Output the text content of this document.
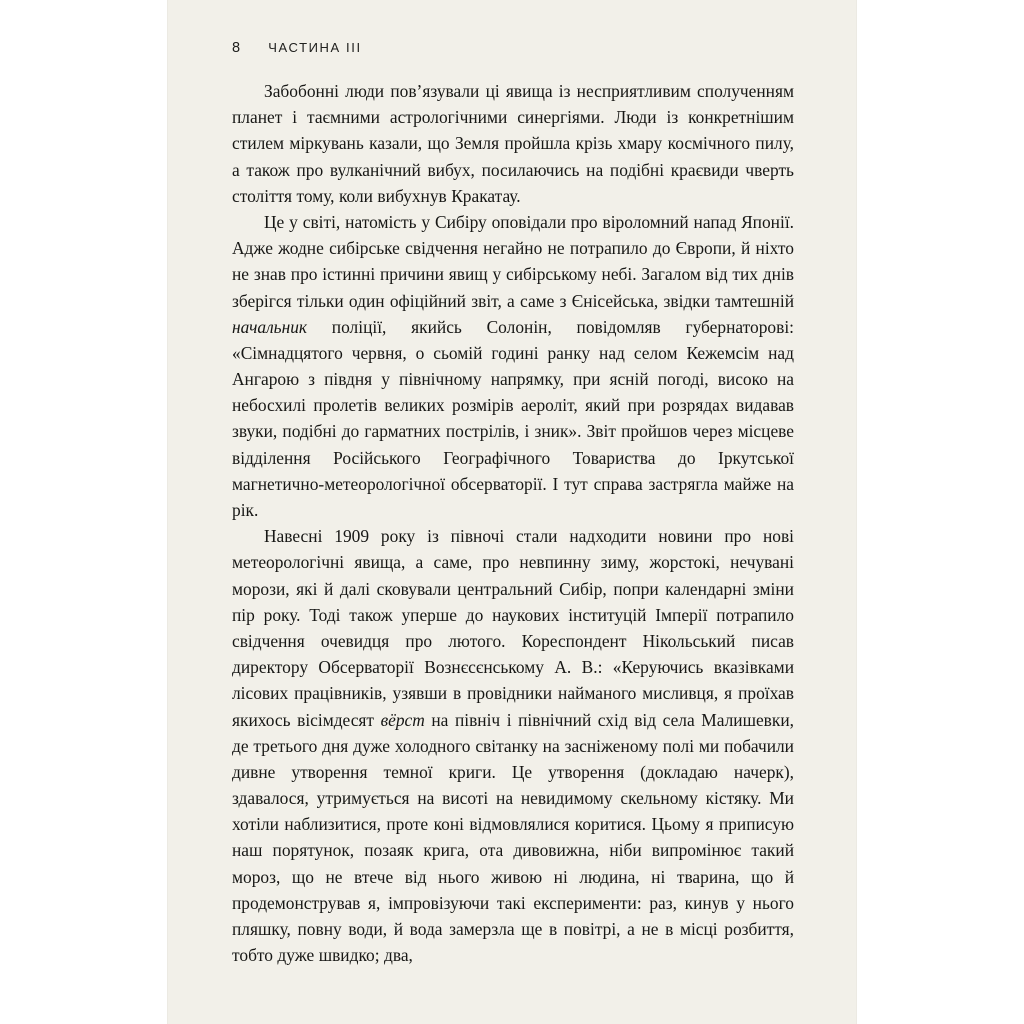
8 ЧАСТИНА III

Забобонні люди пов’язували ці явища із несприятливим сполученням планет і таємними астрологічними синергіями. Люди із конкретнішим стилем міркувань казали, що Земля пройшла крізь хмару космічного пилу, а також про вулканічний вибух, посилаючись на подібні краєвиди чверть століття тому, коли вибухнув Кракатау.

Це у світі, натомість у Сибіру оповідали про віроломний напад Японії. Адже жодне сибірське свідчення негайно не потрапило до Європи, й ніхто не знав про істинні причини явищ у сибірському небі. Загалом від тих днів зберігся тільки один офіційний звіт, а саме з Єнісейська, звідки тамтешній начальник поліції, якийсь Солонін, повідомляв губернаторові: «Сімнадцятого червня, о сьомій годині ранку над селом Кежемсім над Ангарою з півдня у північному напрямку, при ясній погоді, високо на небосхилі пролетів великих розмірів аероліт, який при розрядах видавав звуки, подібні до гарматних пострілів, і зник». Звіт пройшов через місцеве відділення Російського Географічного Товариства до Іркутської магнетично-метеорологічної обсерваторії. І тут справа застрягла майже на рік.

Навесні 1909 року із півночі стали надходити новини про нові метеорологічні явища, а саме, про невпинну зиму, жорстокі, нечувані морози, які й далі сковували центральний Сибір, попри календарні зміни пір року. Тоді також уперше до наукових інституцій Імперії потрапило свідчення очевидця про лютого. Кореспондент Нікольський писав директору Обсерваторії Вознєсєнському А. В.: «Керуючись вказівками лісових працівників, узявши в провідники найманого мисливця, я проїхав якихось вісімдесят вёрст на північ і північний схід від села Малишевки, де третього дня дуже холодного світанку на засніженому полі ми побачили дивне утворення темної криги. Це утворення (докладаю начерк), здавалося, утримується на висоті на невидимому скельному кістяку. Ми хотіли наблизитися, проте коні відмовлялися коритися. Цьому я приписую наш порятунок, позаяк крига, ота дивовижна, ніби випромінює такий мороз, що не втече від нього живою ні людина, ні тварина, що й продемонстрував я, імпровізуючи такі експерименти: раз, кинув у нього пляшку, повну води, й вода замерзла ще в повітрі, а не в місці розбиття, тобто дуже швидко; два,
